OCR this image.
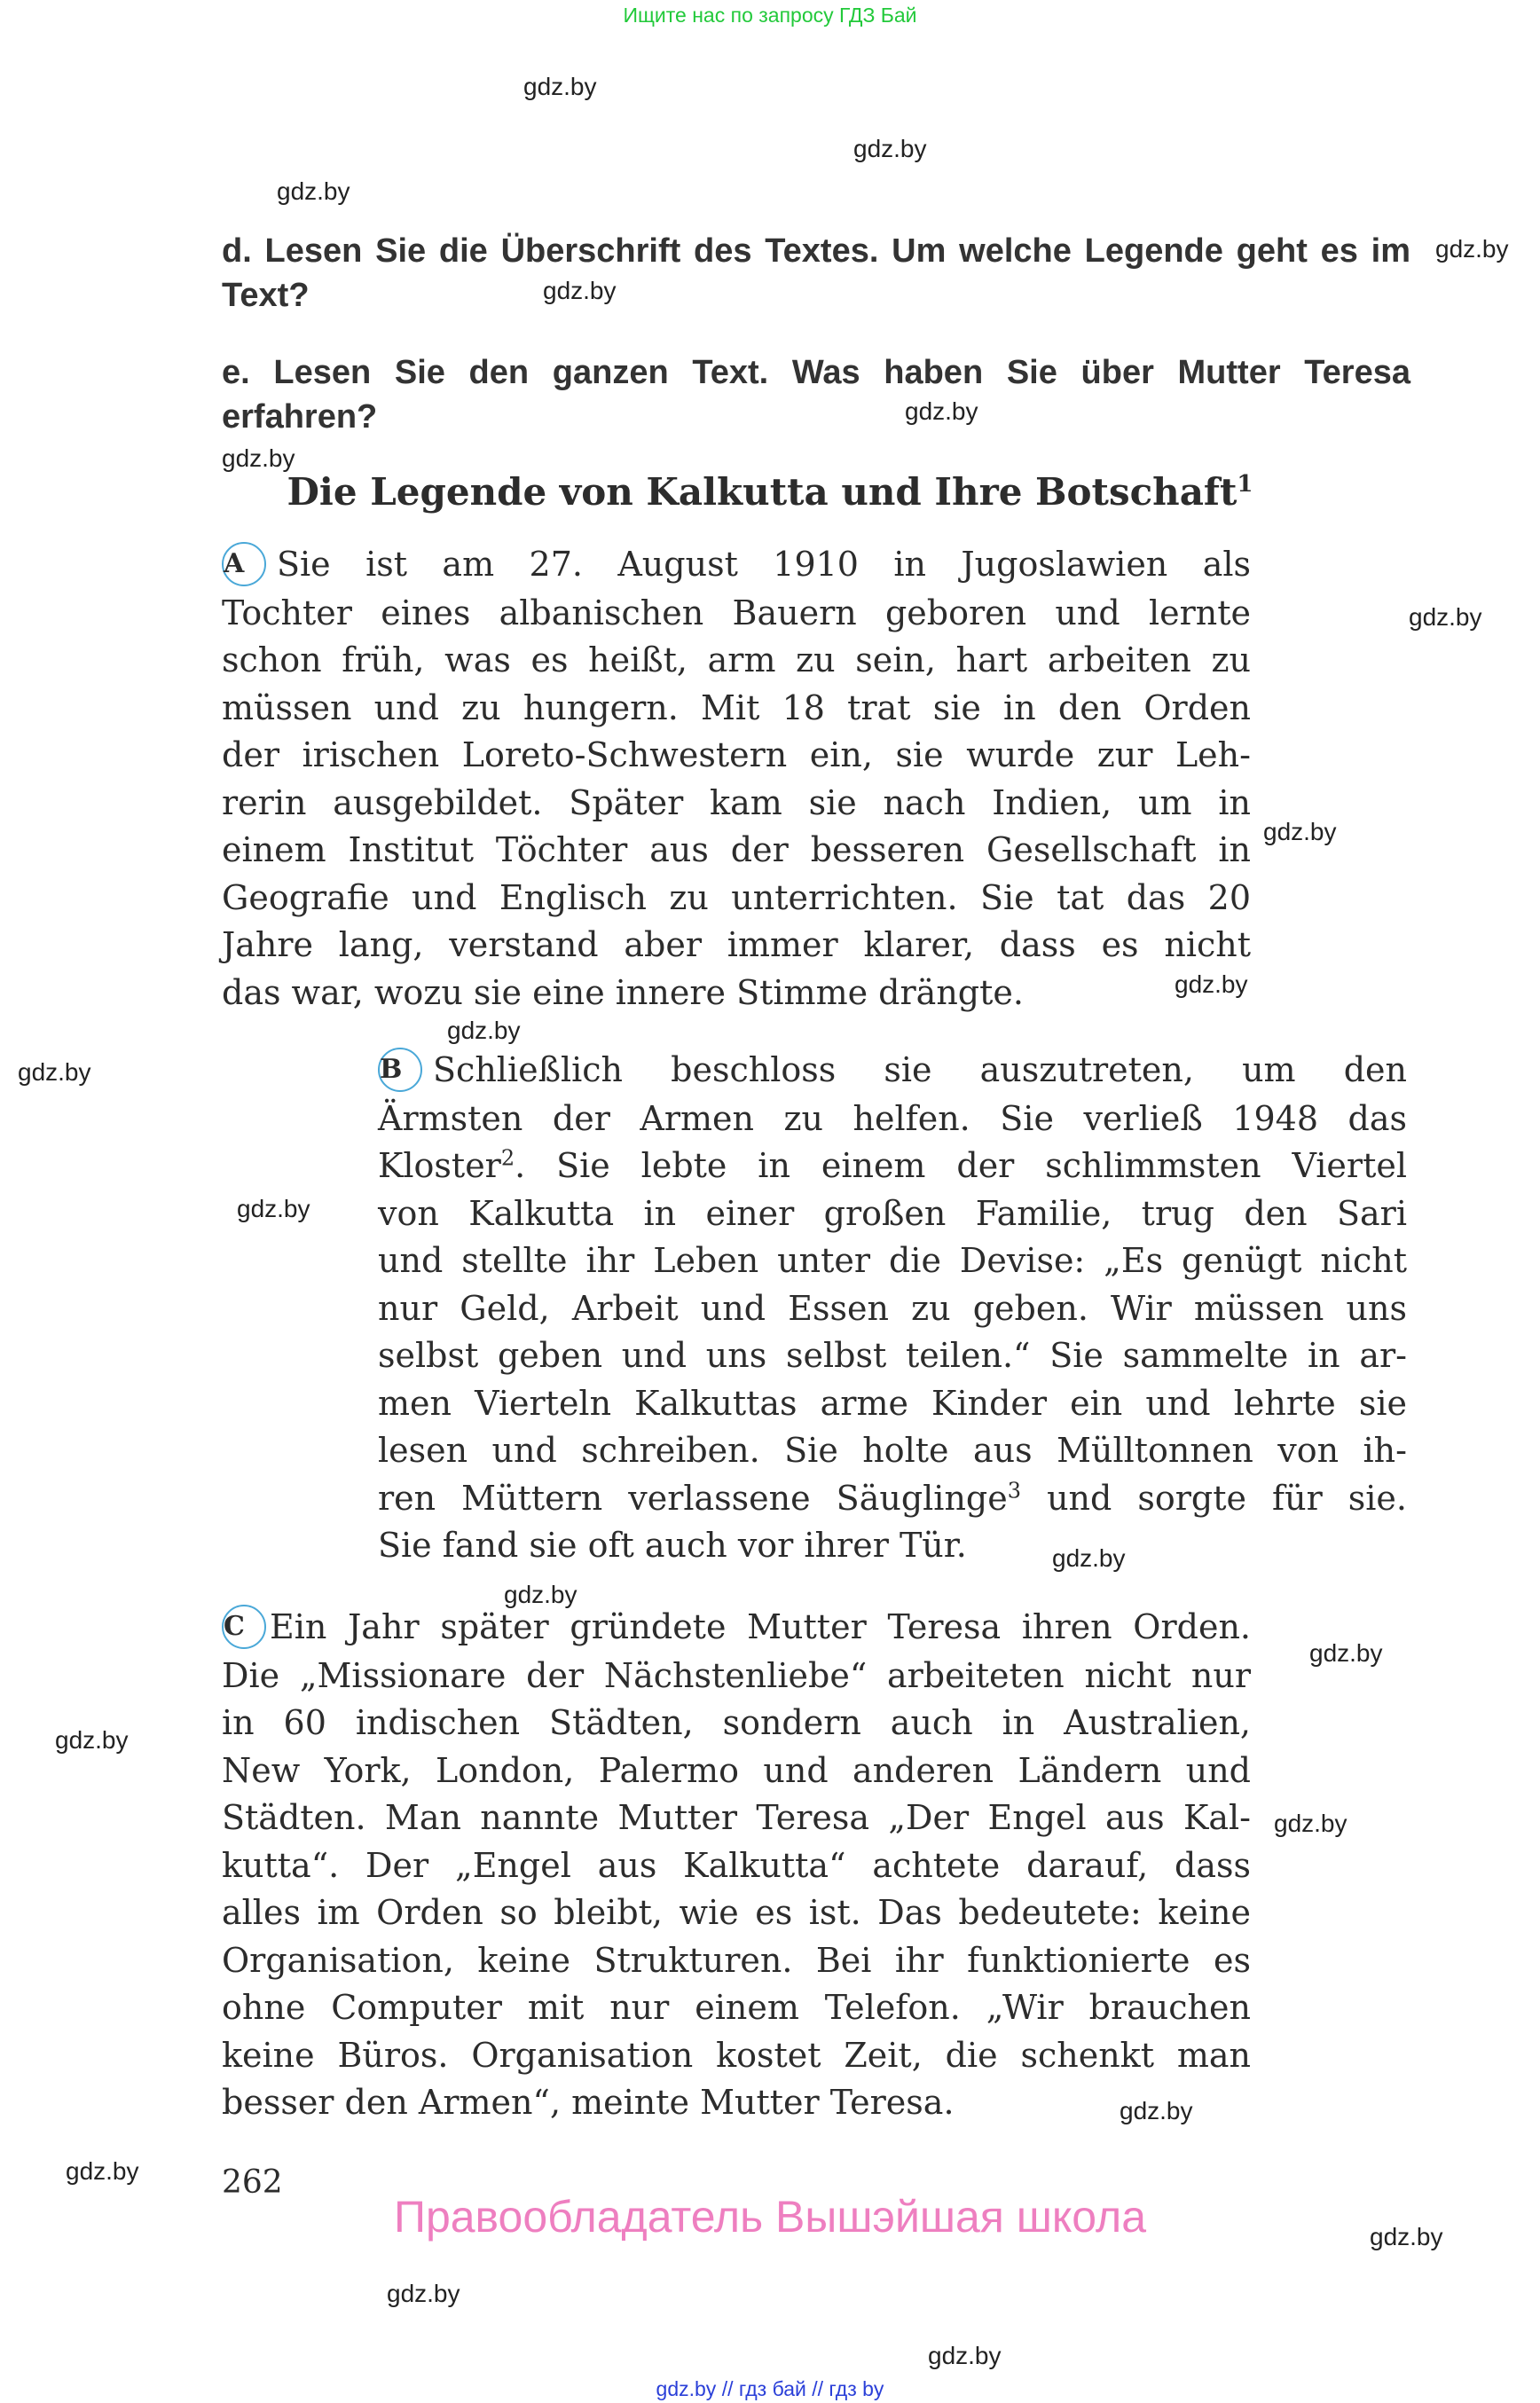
Ищите нас по запросу ГДЗ Бай
gdz.by
gdz.by
gdz.by
gdz.by
gdz.by
gdz.by
gdz.by
gdz.by
gdz.by
gdz.by
gdz.by
gdz.by
gdz.by
gdz.by
gdz.by
gdz.by
gdz.by
gdz.by
gdz.by
gdz.by
gdz.by
gdz.by
gdz.by
d. Lesen Sie die Überschrift des Textes. Um welche Legende geht es im Text?
e. Lesen Sie den ganzen Text. Was haben Sie über Mutter Teresa erfahren?
Die Legende von Kalkutta und Ihre Botschaft$^1$
A Sie ist am 27. August 1910 in Jugoslawien als
Tochter eines albanischen Bauern geboren und lernte
schon früh, was es heißt, arm zu sein, hart arbeiten zu
müssen und zu hungern. Mit 18 trat sie in den Orden
der irischen Loreto-Schwestern ein, sie wurde zur Leh-
rerin ausgebildet. Später kam sie nach Indien, um in
einem Institut Töchter aus der besseren Gesellschaft in
Geografie und Englisch zu unterrichten. Sie tat das 20
Jahre lang, verstand aber immer klarer, dass es nicht
das war, wozu sie eine innere Stimme drängte.
B Schließlich beschloss sie auszutreten, um den
Ärmsten der Armen zu helfen. Sie verließ 1948 das
Kloster$^2$. Sie lebte in einem der schlimmsten Viertel
von Kalkutta in einer großen Familie, trug den Sari
und stellte ihr Leben unter die Devise: „Es genügt nicht
nur Geld, Arbeit und Essen zu geben. Wir müssen uns
selbst geben und uns selbst teilen.“ Sie sammelte in ar-
men Vierteln Kalkuttas arme Kinder ein und lehrte sie
lesen und schreiben. Sie holte aus Mülltonnen von ih-
ren Müttern verlassene Säuglinge$^3$ und sorgte für sie.
Sie fand sie oft auch vor ihrer Tür.
C Ein Jahr später gründete Mutter Teresa ihren Orden.
Die „Missionare der Nächstenliebe“ arbeiteten nicht nur
in 60 indischen Städten, sondern auch in Australien,
New York, London, Palermo und anderen Ländern und
Städten. Man nannte Mutter Teresa „Der Engel aus Kal-
kutta“. Der „Engel aus Kalkutta“ achtete darauf, dass
alles im Orden so bleibt, wie es ist. Das bedeutete: keine
Organisation, keine Strukturen. Bei ihr funktionierte es
ohne Computer mit nur einem Telefon. „Wir brauchen
keine Büros. Organisation kostet Zeit, die schenkt man
besser den Armen“, meinte Mutter Teresa.
262
Правообладатель Вышэйшая школа
gdz.by // гдз бай // гдз by
